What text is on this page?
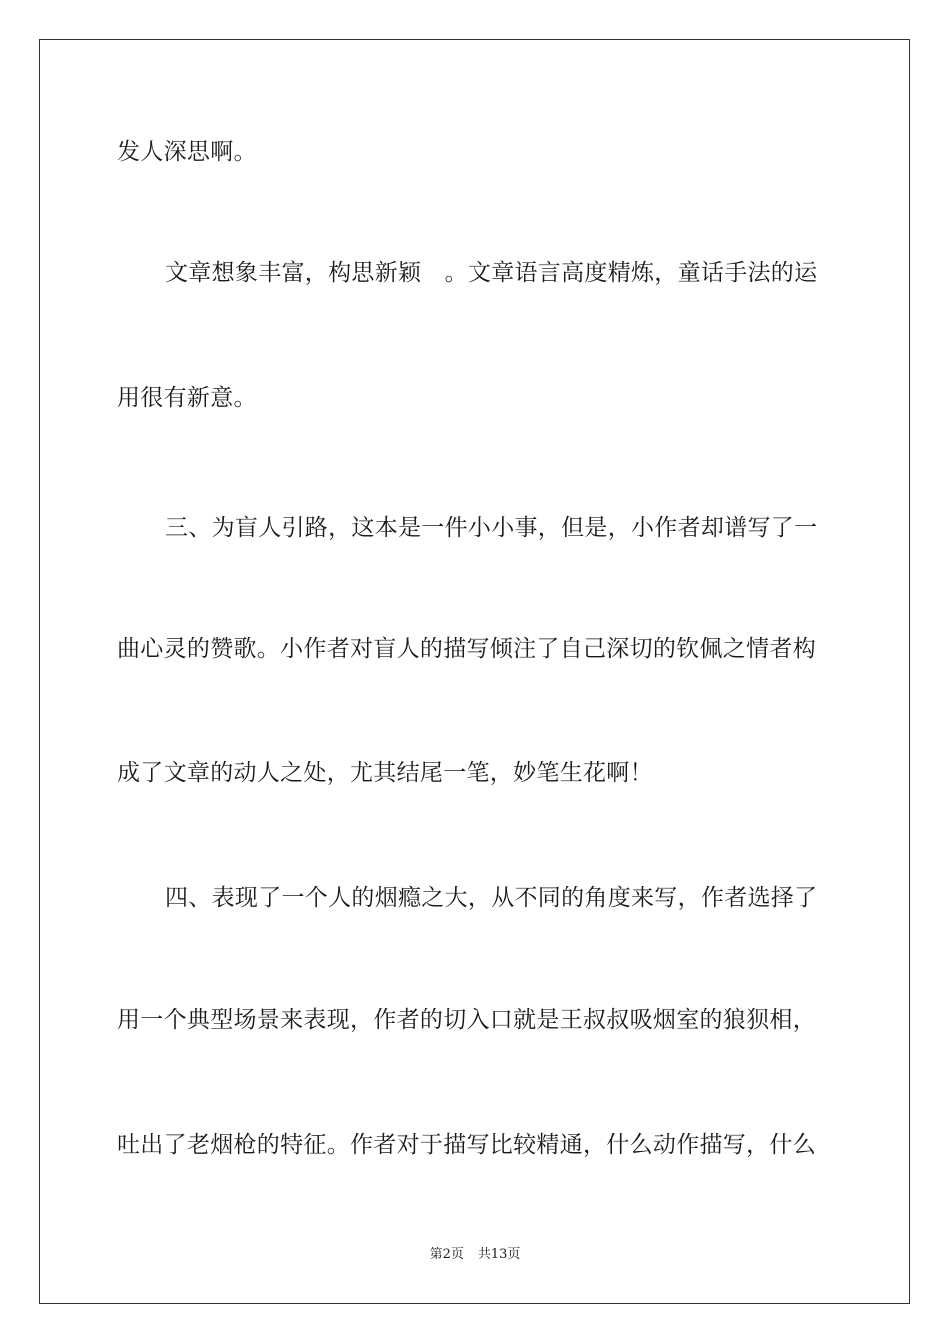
发人深思啊。
文章想象丰富，构思新颖　。文章语言高度精炼，童话手法的运
用很有新意。
三、为盲人引路，这本是一件小小事，但是，小作者却谱写了一
曲心灵的赞歌。小作者对盲人的描写倾注了自己深切的钦佩之情者构
成了文章的动人之处，尤其结尾一笔，妙笔生花啊！
四、表现了一个人的烟瘾之大，从不同的角度来写，作者选择了
用一个典型场景来表现，作者的切入口就是王叔叔吸烟室的狼狈相，
吐出了老烟枪的特征。作者对于描写比较精通，什么动作描写，什么
第2页 共13页
